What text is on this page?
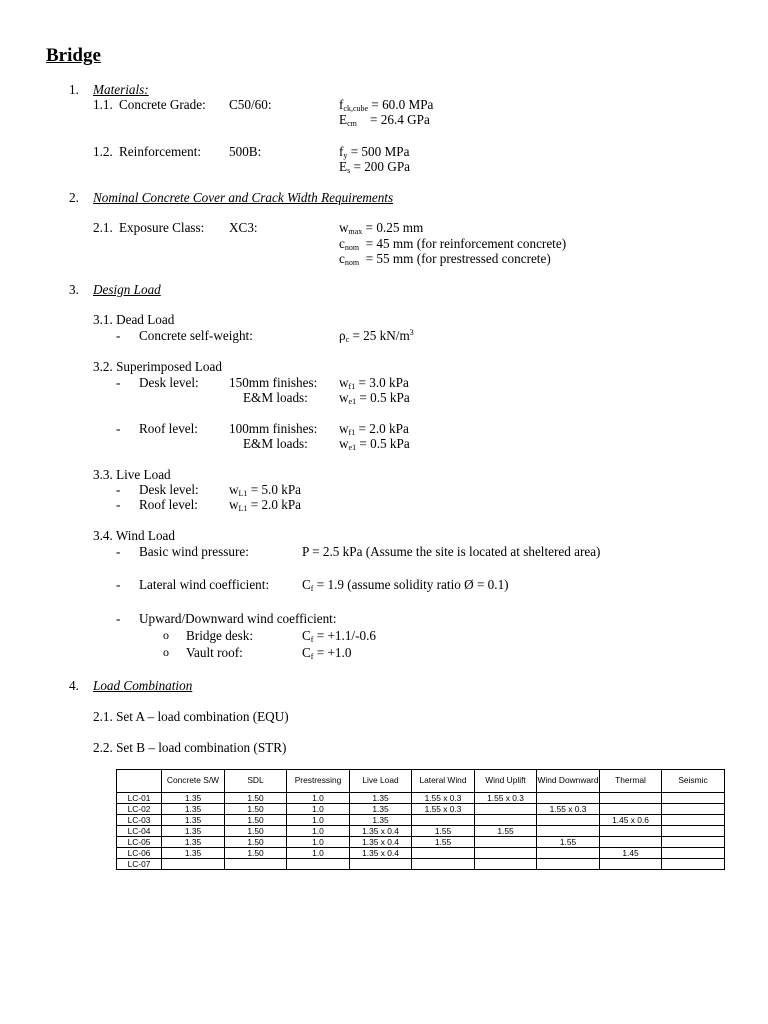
Bridge
1. Materials:
1.1. Concrete Grade: C50/60:	$f_{ck,cube} = 60.0$ MPa
$E_{cm}$    = 26.4 GPa
1.2. Reinforcement: 500B:	$f_y = 500$ MPa
$E_s = 200$ GPa
2. Nominal Concrete Cover and Crack Width Requirements
2.1. Exposure Class: XC3:	$w_{max} = 0.25$ mm
$c_{nom} = 45$ mm (for reinforcement concrete)
$c_{nom} = 55$ mm (for prestressed concrete)
3. Design Load
3.1. Dead Load
- Concrete self-weight:	$\rho_c = 25$ $kN/m^3$
3.2. Superimposed Load
- Desk level: 150mm finishes: $w_{f1} = 3.0$ kPa
E&M loads: $w_{e1} = 0.5$ kPa
- Roof level: 100mm finishes: $w_{f1} = 2.0$ kPa
E&M loads: $w_{e1} = 0.5$ kPa
3.3. Live Load
- Desk level: $w_{L1} = 5.0$ kPa
- Roof level: $w_{L1} = 2.0$ kPa
3.4. Wind Load
- Basic wind pressure:	P = 2.5 kPa (Assume the site is located at sheltered area)
- Lateral wind coefficient: $C_f = 1.9$ (assume solidity ratio Ø = 0.1)
- Upward/Downward wind coefficient:
o Bridge desk:	$C_f = +1.1/-0.6$
o Vault roof:	$C_f = +1.0$
4. Load Combination
2.1. Set A – load combination (EQU)
2.2. Set B – load combination (STR)
	Concrete S/W	SDL	Prestressing	Live Load	Lateral Wind	Wind Uplift	Wind Downward	Thermal	Seismic
LC-01	1.35	1.50	1.0	1.35	1.55 x 0.3	1.55 x 0.3			
LC-02	1.35	1.50	1.0	1.35	1.55 x 0.3		1.55 x 0.3		
LC-03	1.35	1.50	1.0	1.35				1.45 x 0.6	
LC-04	1.35	1.50	1.0	1.35 x 0.4	1.55	1.55			
LC-05	1.35	1.50	1.0	1.35 x 0.4	1.55		1.55		
LC-06	1.35	1.50	1.0	1.35 x 0.4				1.45	
LC-07									
